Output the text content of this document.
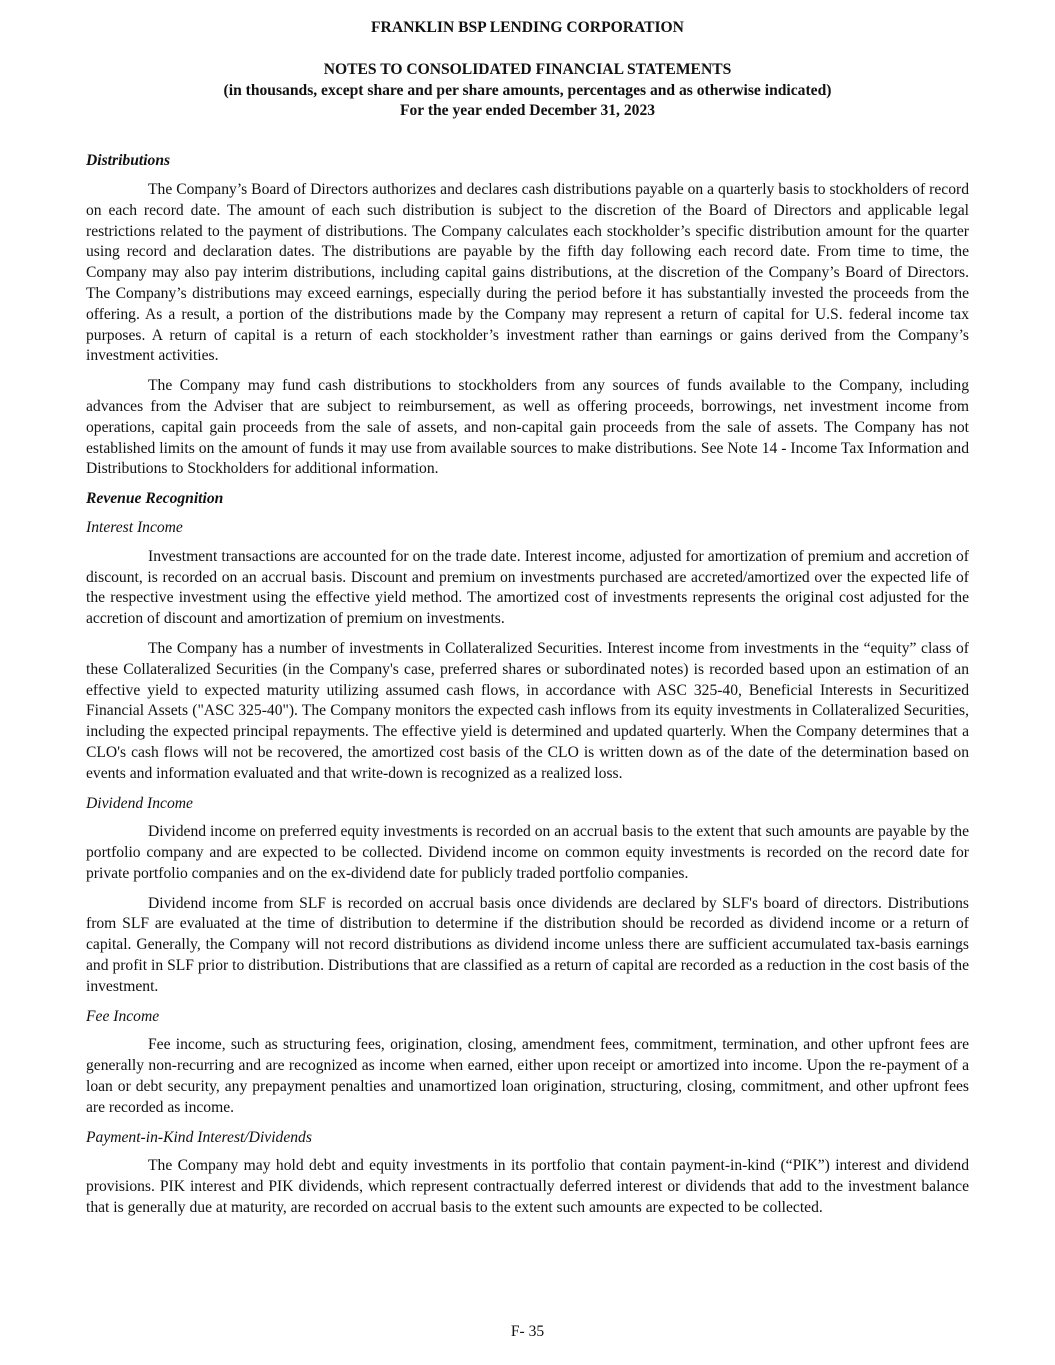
FRANKLIN BSP LENDING CORPORATION

NOTES TO CONSOLIDATED FINANCIAL STATEMENTS

(in thousands, except share and per share amounts, percentages and as otherwise indicated)

For the year ended December 31, 2023

Distributions

The Company’s Board of Directors authorizes and declares cash distributions payable on a quarterly basis to stockholders of record on each record date. The amount of each such distribution is subject to the discretion of the Board of Directors and applicable legal restrictions related to the payment of distributions. The Company calculates each stockholder’s specific distribution amount for the quarter using record and declaration dates. The distributions are payable by the fifth day following each record date. From time to time, the Company may also pay interim distributions, including capital gains distributions, at the discretion of the Company’s Board of Directors. The Company’s distributions may exceed earnings, especially during the period before it has substantially invested the proceeds from the offering. As a result, a portion of the distributions made by the Company may represent a return of capital for U.S. federal income tax purposes. A return of capital is a return of each stockholder’s investment rather than earnings or gains derived from the Company’s investment activities.

The Company may fund cash distributions to stockholders from any sources of funds available to the Company, including advances from the Adviser that are subject to reimbursement, as well as offering proceeds, borrowings, net investment income from operations, capital gain proceeds from the sale of assets, and non-capital gain proceeds from the sale of assets. The Company has not established limits on the amount of funds it may use from available sources to make distributions. See Note 14 - Income Tax Information and Distributions to Stockholders for additional information.

Revenue Recognition
Interest Income

Investment transactions are accounted for on the trade date. Interest income, adjusted for amortization of premium and accretion of discount, is recorded on an accrual basis. Discount and premium on investments purchased are accreted/amortized over the expected life of the respective investment using the effective yield method. The amortized cost of investments represents the original cost adjusted for the accretion of discount and amortization of premium on investments.

The Company has a number of investments in Collateralized Securities. Interest income from investments in the “equity” class of these Collateralized Securities (in the Company's case, preferred shares or subordinated notes) is recorded based upon an estimation of an effective yield to expected maturity utilizing assumed cash flows, in accordance with ASC 325-40, Beneficial Interests in Securitized Financial Assets ("ASC 325-40"). The Company monitors the expected cash inflows from its equity investments in Collateralized Securities, including the expected principal repayments. The effective yield is determined and updated quarterly. When the Company determines that a CLO's cash flows will not be recovered, the amortized cost basis of the CLO is written down as of the date of the determination based on events and information evaluated and that write-down is recognized as a realized loss.

Dividend Income

Dividend income on preferred equity investments is recorded on an accrual basis to the extent that such amounts are payable by the portfolio company and are expected to be collected. Dividend income on common equity investments is recorded on the record date for private portfolio companies and on the ex-dividend date for publicly traded portfolio companies.

Dividend income from SLF is recorded on accrual basis once dividends are declared by SLF's board of directors. Distributions from SLF are evaluated at the time of distribution to determine if the distribution should be recorded as dividend income or a return of capital. Generally, the Company will not record distributions as dividend income unless there are sufficient accumulated tax-basis earnings and profit in SLF prior to distribution. Distributions that are classified as a return of capital are recorded as a reduction in the cost basis of the investment.

Fee Income

Fee income, such as structuring fees, origination, closing, amendment fees, commitment, termination, and other upfront fees are generally non-recurring and are recognized as income when earned, either upon receipt or amortized into income. Upon the re-payment of a loan or debt security, any prepayment penalties and unamortized loan origination, structuring, closing, commitment, and other upfront fees are recorded as income.

Payment-in-Kind Interest/Dividends

The Company may hold debt and equity investments in its portfolio that contain payment-in-kind (“PIK”) interest and dividend provisions. PIK interest and PIK dividends, which represent contractually deferred interest or dividends that add to the investment balance that is generally due at maturity, are recorded on accrual basis to the extent such amounts are expected to be collected.

F- 35
